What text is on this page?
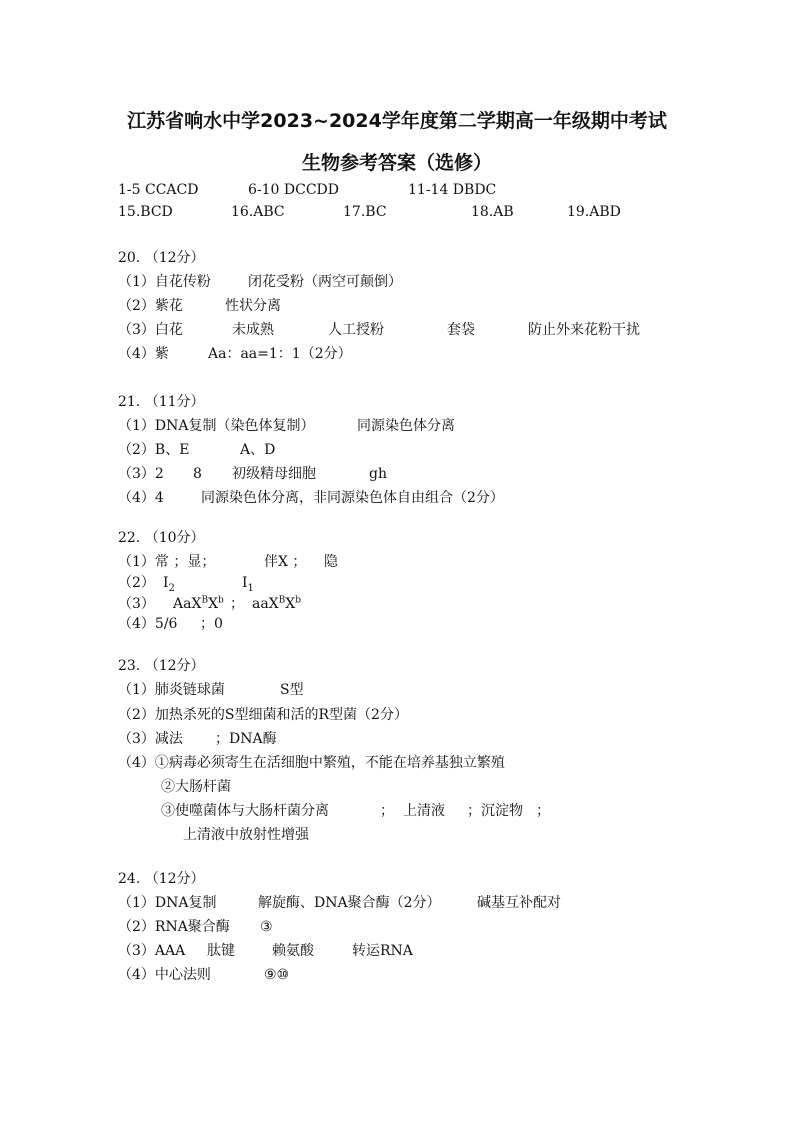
江苏省响水中学2023~2024学年度第二学期高一年级期中考试
生物参考答案（选修）
1-5 CCACD	6-10 DCCDD	11-14 DBDC
15.BCD	16.ABC	17.BC	18.AB	19.ABD
20. （12分）
（1）自花传粉	闭花受粉（两空可颠倒）
（2）紫花	性状分离
（3）白花	未成熟	人工授粉	套袋	防止外来花粉干扰
（4）紫	Aa：aa=1：1（2分）
21. （11分）
（1）DNA复制（染色体复制）	同源染色体分离
（2）B、E	A、D
（3）2 8 初级精母细胞	gh
（4）4	同源染色体分离，非同源染色体自由组合（2分）
22. （10分）
（1）常 ；显；	伴X ； 隐
（2） $Ⅰ_2$	$Ⅰ_1$
（3） $AaX^BX^b$ ； $aaX^BX^b$
（4）5/6 ；0
23. （12分）
（1）肺炎链球菌	S型
（2）加热杀死的S型细菌和活的R型菌（2分）
（3）减法 ；DNA酶
（4）①病毒必须寄生在活细胞中繁殖，不能在培养基独立繁殖
②大肠杆菌
③使噬菌体与大肠杆菌分离	； 上清液 ；沉淀物 ；
上清液中放射性增强
24. （12分）
（1）DNA复制	解旋酶、DNA聚合酶（2分）	碱基互补配对
（2）RNA聚合酶 ③
（3）AAA 肽键	赖氨酸	转运RNA
（4）中心法则	⑨⑩
